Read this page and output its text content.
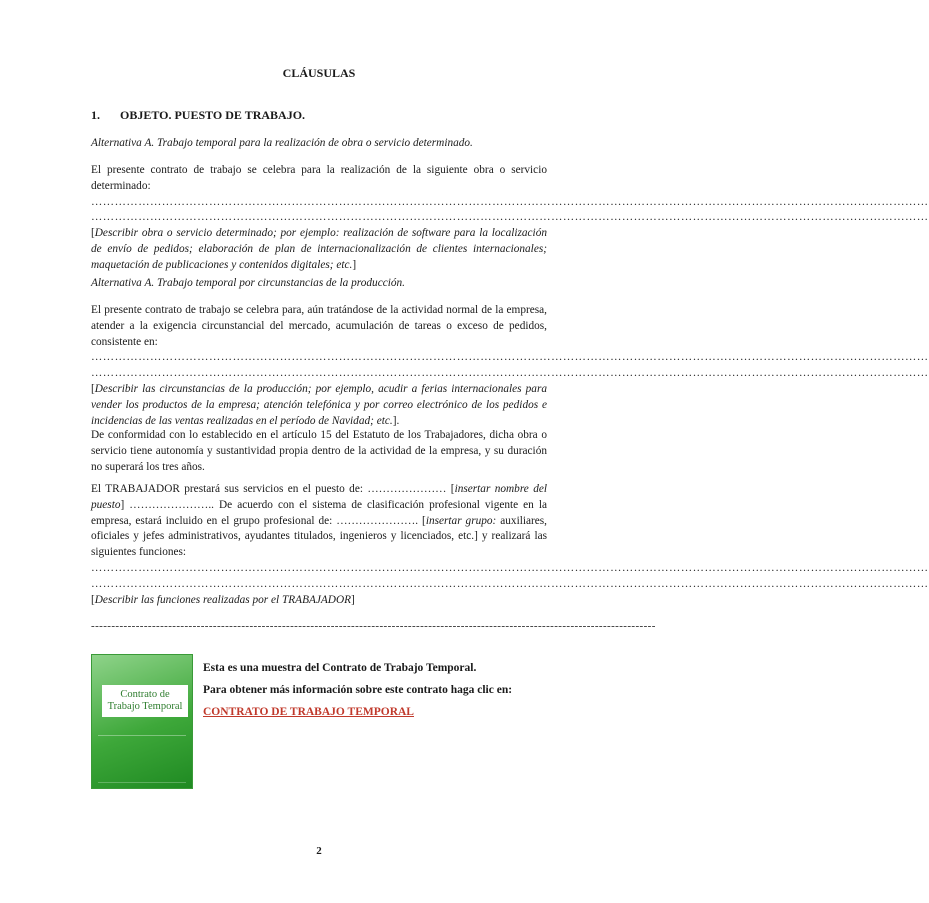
CLÁUSULAS
1. OBJETO. PUESTO DE TRABAJO.
Alternativa A. Trabajo temporal para la realización de obra o servicio determinado.
El presente contrato de trabajo se celebra para la realización de la siguiente obra o servicio determinado:
……………………………………………………………………………………………………………………………………………………………………………………………
……………………………………………………………………………………………………………………………………………………………………………………………
[Describir obra o servicio determinado; por ejemplo: realización de software para la localización de envío de pedidos; elaboración de plan de internacionalización de clientes internacionales; maquetación de publicaciones y contenidos digitales; etc.]
Alternativa A. Trabajo temporal por circunstancias de la producción.
El presente contrato de trabajo se celebra para, aún tratándose de la actividad normal de la empresa, atender a la exigencia circunstancial del mercado, acumulación de tareas o exceso de pedidos, consistente en:
……………………………………………………………………………………………………………………………………………………………………………………………
……………………………………………………………………………………………………………………………………………………………………………………………
[Describir las circunstancias de la producción; por ejemplo, acudir a ferias internacionales para vender los productos de la empresa; atención telefónica y por correo electrónico de los pedidos e incidencias de las ventas realizadas en el período de Navidad; etc.].
De conformidad con lo establecido en el artículo 15 del Estatuto de los Trabajadores, dicha obra o servicio tiene autonomía y sustantividad propia dentro de la actividad de la empresa, y su duración no superará los tres años.
El TRABAJADOR prestará sus servicios en el puesto de: ………………… [insertar nombre del puesto] ………………….. De acuerdo con el sistema de clasificación profesional vigente en la empresa, estará incluido en el grupo profesional de: …………………. [insertar grupo: auxiliares, oficiales y jefes administrativos, ayudantes titulados, ingenieros y licenciados, etc.] y realizará las siguientes funciones:
……………………………………………………………………………………………………………………………………………………………………………………………
……………………………………………………………………………………………………………………………………………………………………………………………
[Describir las funciones realizadas por el TRABAJADOR]
-------------------------------------------------------------------------------------------------------------------------------------------
Contrato de Trabajo Temporal
Esta es una muestra del Contrato de Trabajo Temporal.
Para obtener más información sobre este contrato haga clic en:
CONTRATO DE TRABAJO TEMPORAL
2
